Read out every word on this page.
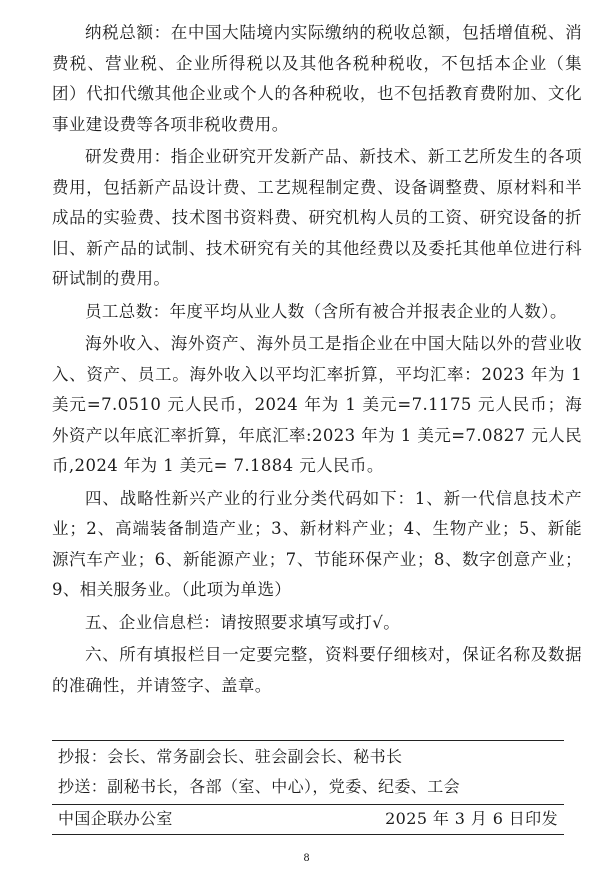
纳税总额：在中国大陆境内实际缴纳的税收总额，包括增值税、消费税、营业税、企业所得税以及其他各税种税收，不包括本企业（集团）代扣代缴其他企业或个人的各种税收，也不包括教育费附加、文化事业建设费等各项非税收费用。

研发费用：指企业研究开发新产品、新技术、新工艺所发生的各项费用，包括新产品设计费、工艺规程制定费、设备调整费、原材料和半成品的实验费、技术图书资料费、研究机构人员的工资、研究设备的折旧、新产品的试制、技术研究有关的其他经费以及委托其他单位进行科研试制的费用。

员工总数：年度平均从业人数（含所有被合并报表企业的人数）。

海外收入、海外资产、海外员工是指企业在中国大陆以外的营业收入、资产、员工。海外收入以平均汇率折算，平均汇率：2023 年为 1 美元=7.0510 元人民币，2024 年为 1 美元=7.1175 元人民币；海外资产以年底汇率折算，年底汇率:2023 年为 1 美元=7.0827 元人民币,2024 年为 1 美元= 7.1884 元人民币。

四、战略性新兴产业的行业分类代码如下：1、新一代信息技术产业；2、高端装备制造产业；3、新材料产业；4、生物产业；5、新能源汽车产业；6、新能源产业；7、节能环保产业；8、数字创意产业；9、相关服务业。（此项为单选）

五、企业信息栏：请按照要求填写或打√。

六、所有填报栏目一定要完整，资料要仔细核对，保证名称及数据的准确性，并请签字、盖章。

抄报：会长、常务副会长、驻会副会长、秘书长
抄送：副秘书长，各部（室、中心），党委、纪委、工会
中国企联办公室	2025 年 3 月 6 日印发
8
